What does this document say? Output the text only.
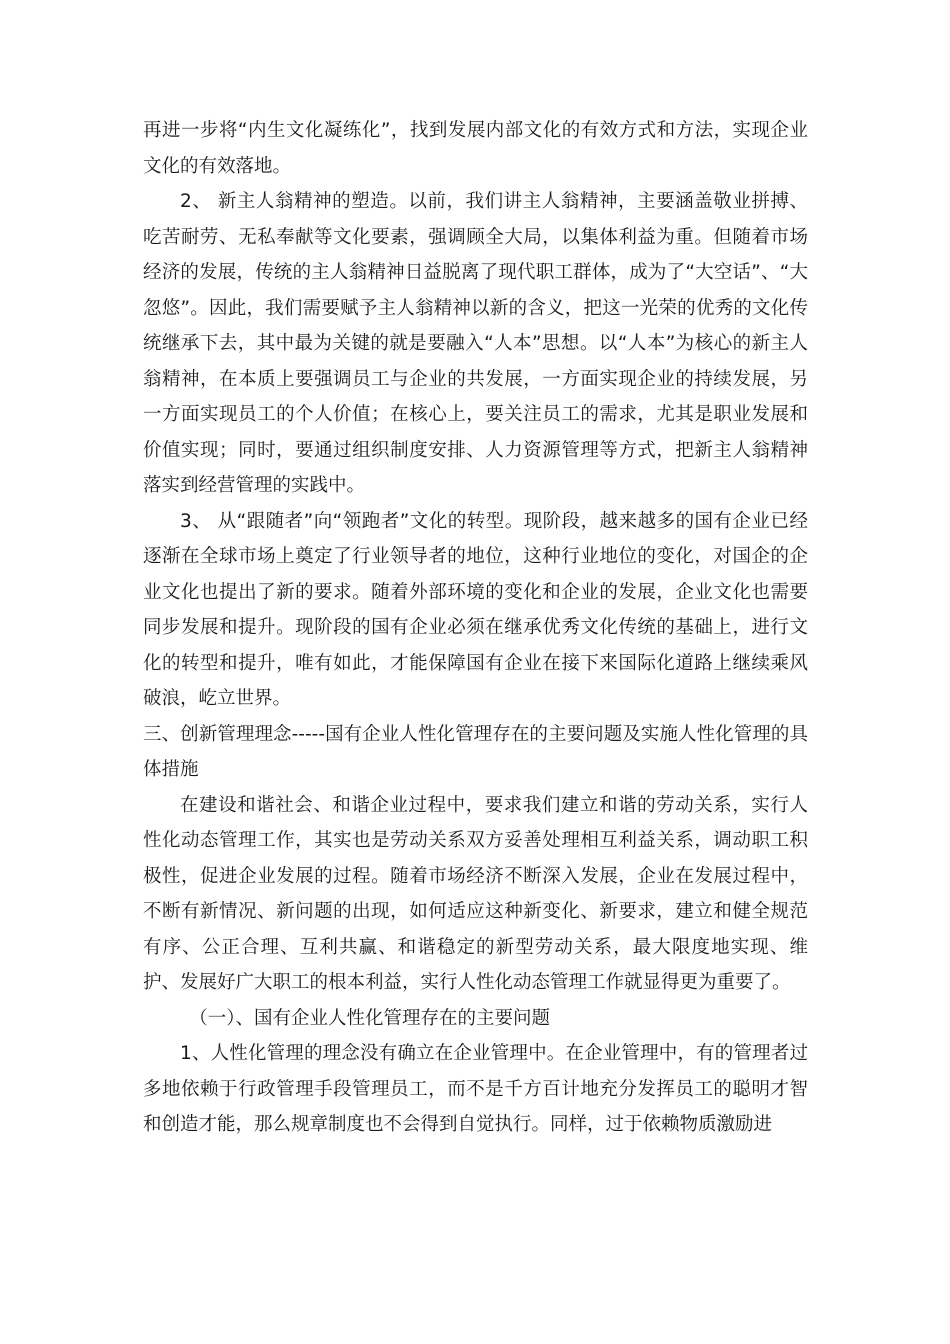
再进一步将“内生文化凝练化”，找到发展内部文化的有效方式和方法，实现企业文化的有效落地。

2、 新主人翁精神的塑造。以前，我们讲主人翁精神，主要涵盖敬业拼搏、吃苦耐劳、无私奉献等文化要素，强调顾全大局，以集体利益为重。但随着市场经济的发展，传统的主人翁精神日益脱离了现代职工群体，成为了“大空话”、“大忽悠”。因此，我们需要赋予主人翁精神以新的含义，把这一光荣的优秀的文化传统继承下去，其中最为关键的就是要融入“人本”思想。以“人本”为核心的新主人翁精神，在本质上要强调员工与企业的共发展，一方面实现企业的持续发展，另一方面实现员工的个人价值；在核心上，要关注员工的需求，尤其是职业发展和价值实现；同时，要通过组织制度安排、人力资源管理等方式，把新主人翁精神落实到经营管理的实践中。

3、 从“跟随者”向“领跑者”文化的转型。现阶段，越来越多的国有企业已经逐渐在全球市场上奠定了行业领导者的地位，这种行业地位的变化，对国企的企业文化也提出了新的要求。随着外部环境的变化和企业的发展，企业文化也需要同步发展和提升。现阶段的国有企业必须在继承优秀文化传统的基础上，进行文化的转型和提升，唯有如此，才能保障国有企业在接下来国际化道路上继续乘风破浪，屹立世界。

三、创新管理理念-----国有企业人性化管理存在的主要问题及实施人性化管理的具体措施

在建设和谐社会、和谐企业过程中，要求我们建立和谐的劳动关系，实行人性化动态管理工作，其实也是劳动关系双方妥善处理相互利益关系，调动职工积极性，促进企业发展的过程。随着市场经济不断深入发展，企业在发展过程中，不断有新情况、新问题的出现，如何适应这种新变化、新要求，建立和健全规范有序、公正合理、互利共赢、和谐稳定的新型劳动关系，最大限度地实现、维护、发展好广大职工的根本利益，实行人性化动态管理工作就显得更为重要了。

（一）、国有企业人性化管理存在的主要问题

1、人性化管理的理念没有确立在企业管理中。在企业管理中，有的管理者过多地依赖于行政管理手段管理员工，而不是千方百计地充分发挥员工的聪明才智和创造才能，那么规章制度也不会得到自觉执行。同样，过于依赖物质激励进
